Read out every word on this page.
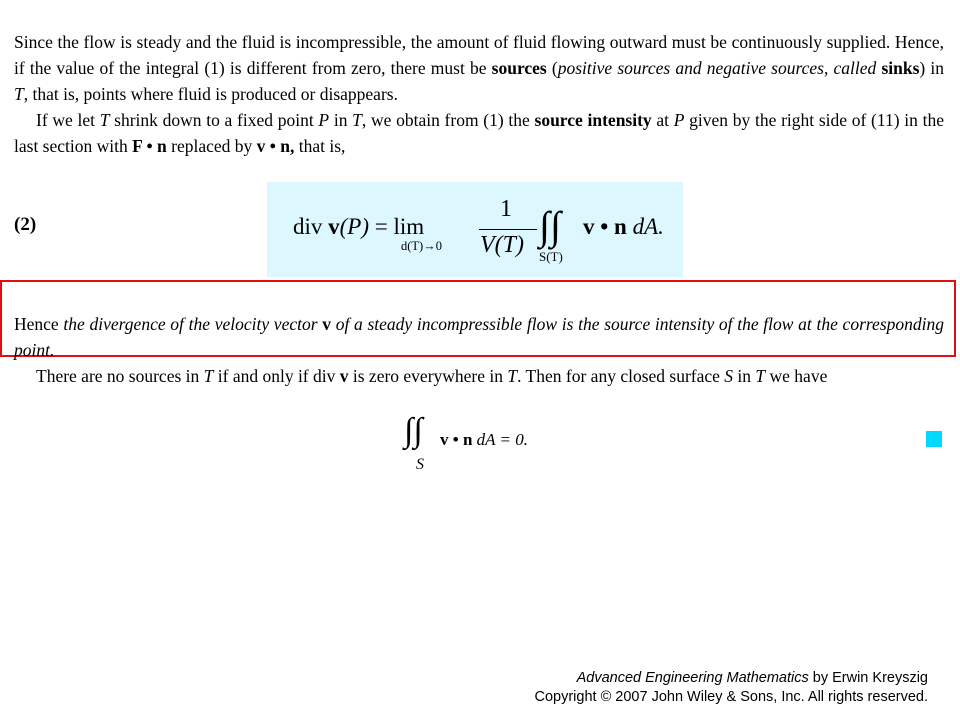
Since the flow is steady and the fluid is incompressible, the amount of fluid flowing outward must be continuously supplied. Hence, if the value of the integral (1) is different from zero, there must be sources (positive sources and negative sources, called sinks) in T, that is, points where fluid is produced or disappears.

If we let T shrink down to a fixed point P in T, we obtain from (1) the source intensity at P given by the right side of (11) in the last section with F • n replaced by v • n, that is,

(2)	div v(P) = lim
d(T)→0
1
V(T) ∫∫ v • n dA.
S(T)

Hence the divergence of the velocity vector v of a steady incompressible flow is the source intensity of the flow at the corresponding point.

There are no sources in T if and only if div v is zero everywhere in T. Then for any closed surface S in T we have

∫∫ v • n dA = 0.
S
Advanced Engineering Mathematics by Erwin Kreyszig
Copyright © 2007 John Wiley & Sons, Inc. All rights reserved.
